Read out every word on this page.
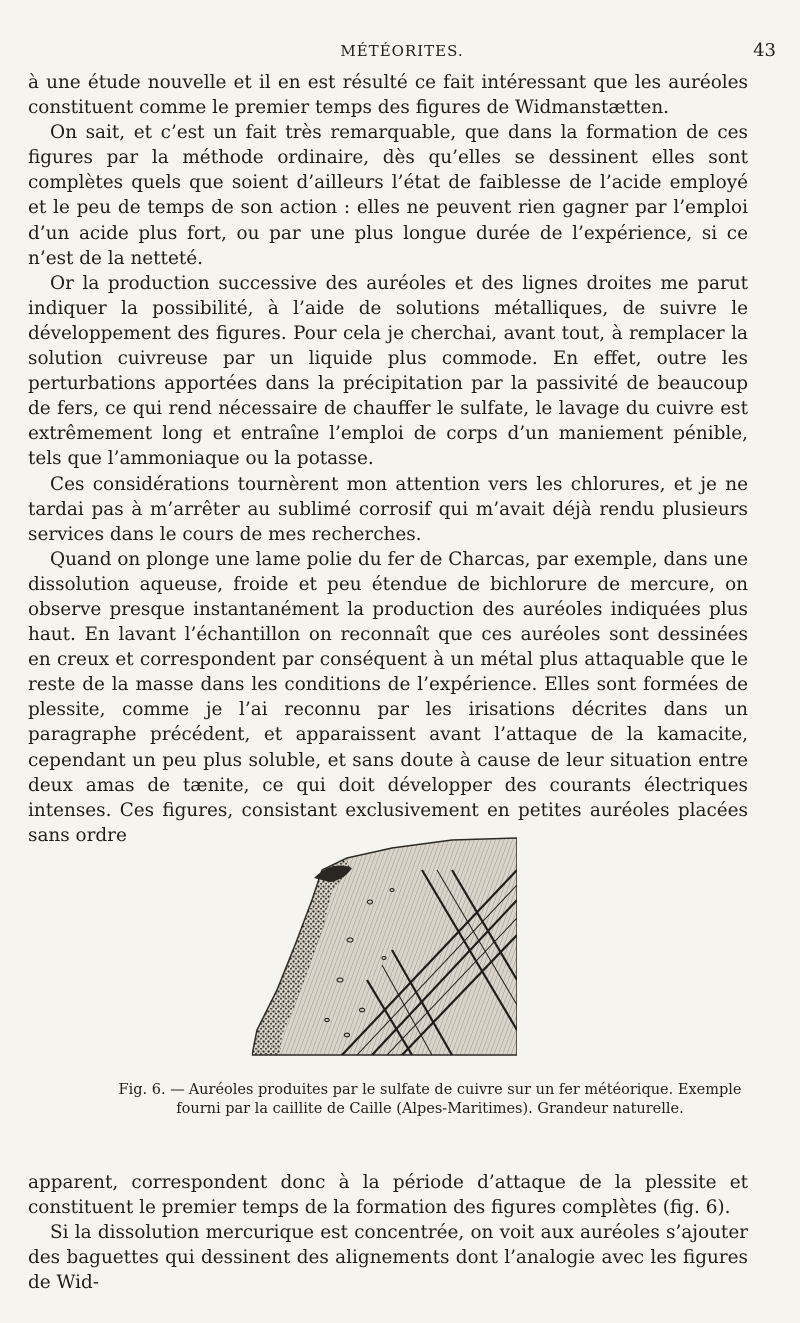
MÉTÉORITES.	43

à une étude nouvelle et il en est résulté ce fait intéressant que les auréoles constituent comme le premier temps des figures de Widmanstætten.

On sait, et c’est un fait très remarquable, que dans la formation de ces figures par la méthode ordinaire, dès qu’elles se dessinent elles sont complètes quels que soient d’ailleurs l’état de faiblesse de l’acide employé et le peu de temps de son action : elles ne peuvent rien gagner par l’emploi d’un acide plus fort, ou par une plus longue durée de l’expérience, si ce n’est de la netteté.

Or la production successive des auréoles et des lignes droites me parut indiquer la possibilité, à l’aide de solutions métalliques, de suivre le développement des figures. Pour cela je cherchai, avant tout, à remplacer la solution cuivreuse par un liquide plus commode. En effet, outre les perturbations apportées dans la précipitation par la passivité de beaucoup de fers, ce qui rend nécessaire de chauffer le sulfate, le lavage du cuivre est extrêmement long et entraîne l’emploi de corps d’un maniement pénible, tels que l’ammoniaque ou la potasse.

Ces considérations tournèrent mon attention vers les chlorures, et je ne tardai pas à m’arrêter au sublimé corrosif qui m’avait déjà rendu plusieurs services dans le cours de mes recherches.

Quand on plonge une lame polie du fer de Charcas, par exemple, dans une dissolution aqueuse, froide et peu étendue de bichlorure de mercure, on observe presque instantanément la production des auréoles indiquées plus haut. En lavant l’échantillon on reconnaît que ces auréoles sont dessinées en creux et correspondent par conséquent à un métal plus attaquable que le reste de la masse dans les conditions de l’expérience. Elles sont formées de plessite, comme je l’ai reconnu par les irisations décrites dans un paragraphe précédent, et apparaissent avant l’attaque de la kamacite, cependant un peu plus soluble, et sans doute à cause de leur situation entre deux amas de tænite, ce qui doit développer des courants électriques intenses. Ces figures, consistant exclusivement en petites auréoles placées sans ordre

Fig. 6. — Auréoles produites par le sulfate de cuivre sur un fer météorique. Exemple fourni par la caillite de Caille (Alpes-Maritimes). Grandeur naturelle.

apparent, correspondent donc à la période d’attaque de la plessite et constituent le premier temps de la formation des figures complètes (fig. 6).

Si la dissolution mercurique est concentrée, on voit aux auréoles s’ajouter des baguettes qui dessinent des alignements dont l’analogie avec les figures de Wid-
